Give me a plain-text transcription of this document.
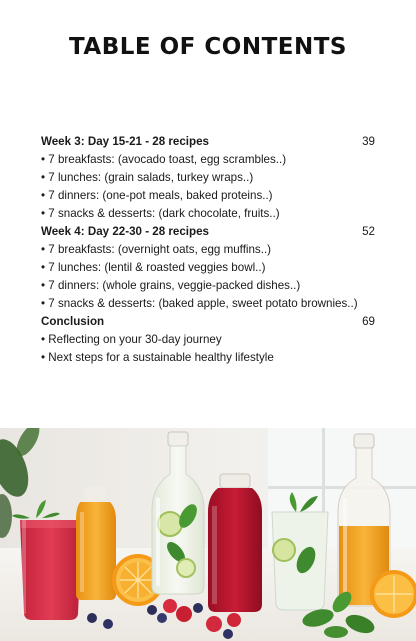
TABLE OF CONTENTS
Week 3: Day 15-21 - 28 recipes	39
• 7 breakfasts: (avocado toast, egg scrambles..)
• 7 lunches: (grain salads, turkey wraps..)
• 7 dinners: (one-pot meals, baked proteins..)
• 7 snacks & desserts: (dark chocolate, fruits..)
Week 4: Day 22-30 - 28 recipes	52
• 7 breakfasts: (overnight oats, egg muffins..)
• 7 lunches: (lentil & roasted veggies bowl..)
• 7 dinners: (whole grains, veggie-packed dishes..)
• 7 snacks & desserts: (baked apple, sweet potato brownies..)
Conclusion	69
• Reflecting on your 30-day journey
• Next steps for a sustainable healthy lifestyle
